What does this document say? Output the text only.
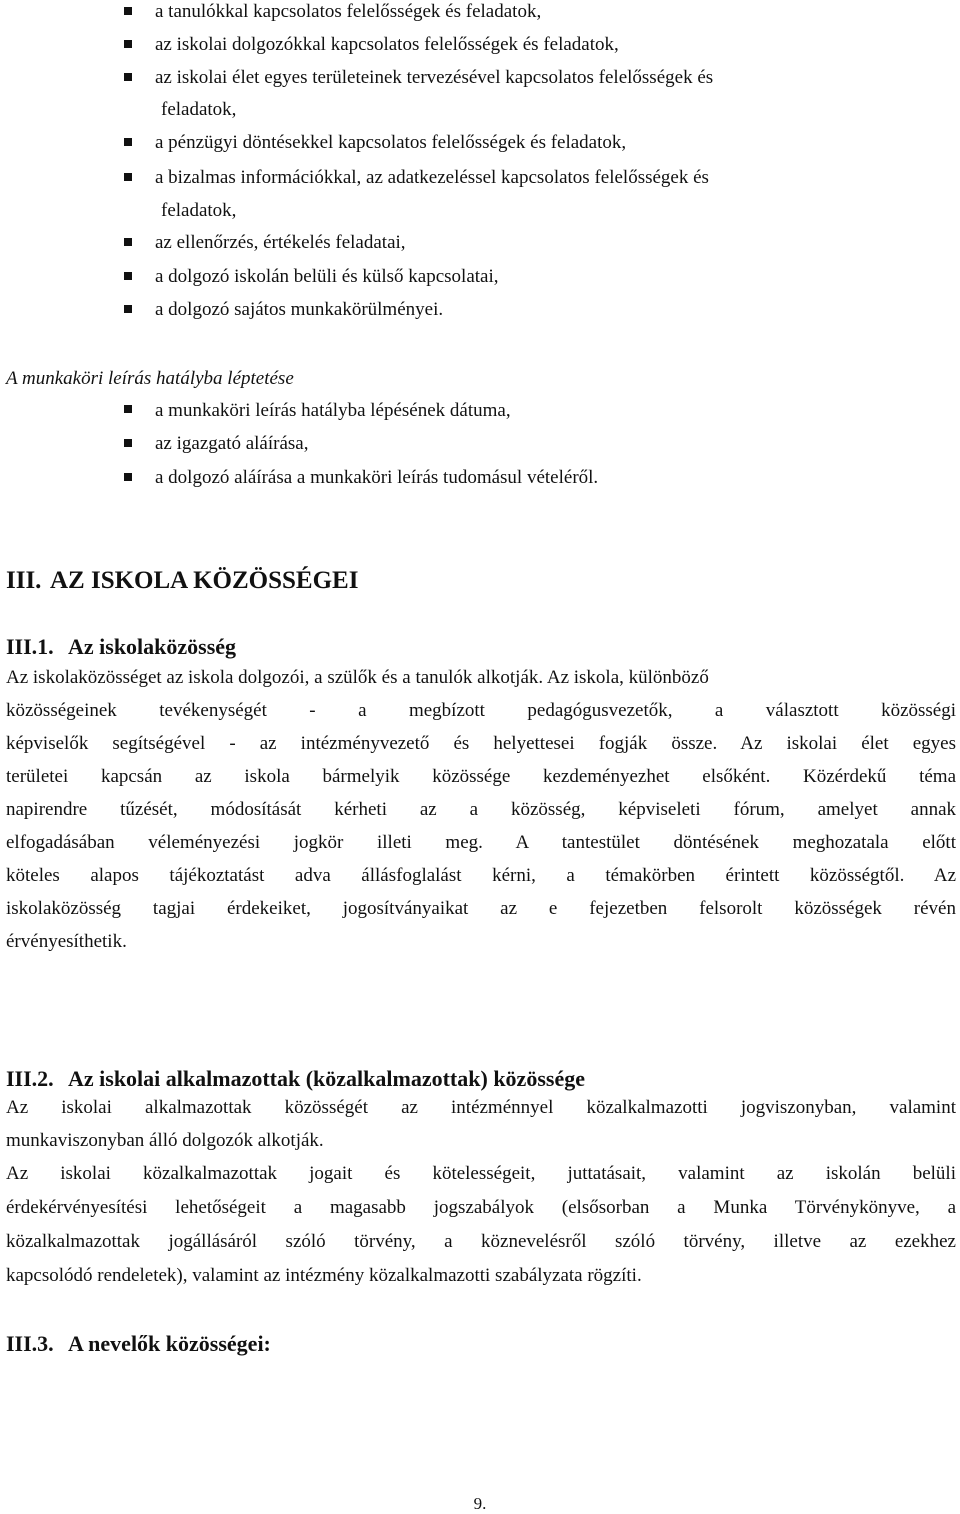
a tanulókkal kapcsolatos felelősségek és feladatok,
az iskolai dolgozókkal kapcsolatos felelősségek és feladatok,
az iskolai élet egyes területeinek tervezésével kapcsolatos felelősségek és
feladatok,
a pénzügyi döntésekkel kapcsolatos felelősségek és feladatok,
a bizalmas információkkal, az adatkezeléssel kapcsolatos felelősségek és
feladatok,
az ellenőrzés, értékelés feladatai,
a dolgozó iskolán belüli és külső kapcsolatai,
a dolgozó sajátos munkakörülményei.
A munkaköri leírás hatályba léptetése
a munkaköri leírás hatályba lépésének dátuma,
az igazgató aláírása,
a dolgozó aláírása a munkaköri leírás tudomásul vételéről.
III. AZ ISKOLA KÖZÖSSÉGEI
III.1. Az iskolaközösség
Az iskolaközösséget az iskola dolgozói, a szülők és a tanulók alkotják. Az iskola, különböző
közösségeinek tevékenységét - a megbízott pedagógusvezetők, a választott közösségi
képviselők segítségével - az intézményvezető és helyettesei fogják össze. Az iskolai élet egyes
területei kapcsán az iskola bármelyik közössége kezdeményezhet elsőként. Közérdekű téma
napirendre tűzését, módosítását kérheti az a közösség, képviseleti fórum, amelyet annak
elfogadásában véleményezési jogkör illeti meg. A tantestület döntésének meghozatala előtt
köteles alapos tájékoztatást adva állásfoglalást kérni, a témakörben érintett közösségtől. Az
iskolaközösség tagjai érdekeiket, jogosítványaikat az e fejezetben felsorolt közösségek révén
érvényesíthetik.
III.2. Az iskolai alkalmazottak (közalkalmazottak) közössége
Az iskolai alkalmazottak közösségét az intézménnyel közalkalmazotti jogviszonyban, valamint
munkaviszonyban álló dolgozók alkotják.
Az iskolai közalkalmazottak jogait és kötelességeit, juttatásait, valamint az iskolán belüli
érdekérvényesítési lehetőségeit a magasabb jogszabályok (elsősorban a Munka Törvénykönyve, a
közalkalmazottak jogállásáról szóló törvény, a köznevelésről szóló törvény, illetve az ezekhez
kapcsolódó rendeletek), valamint az intézmény közalkalmazotti szabályzata rögzíti.
III.3. A nevelők közösségei:
9.
